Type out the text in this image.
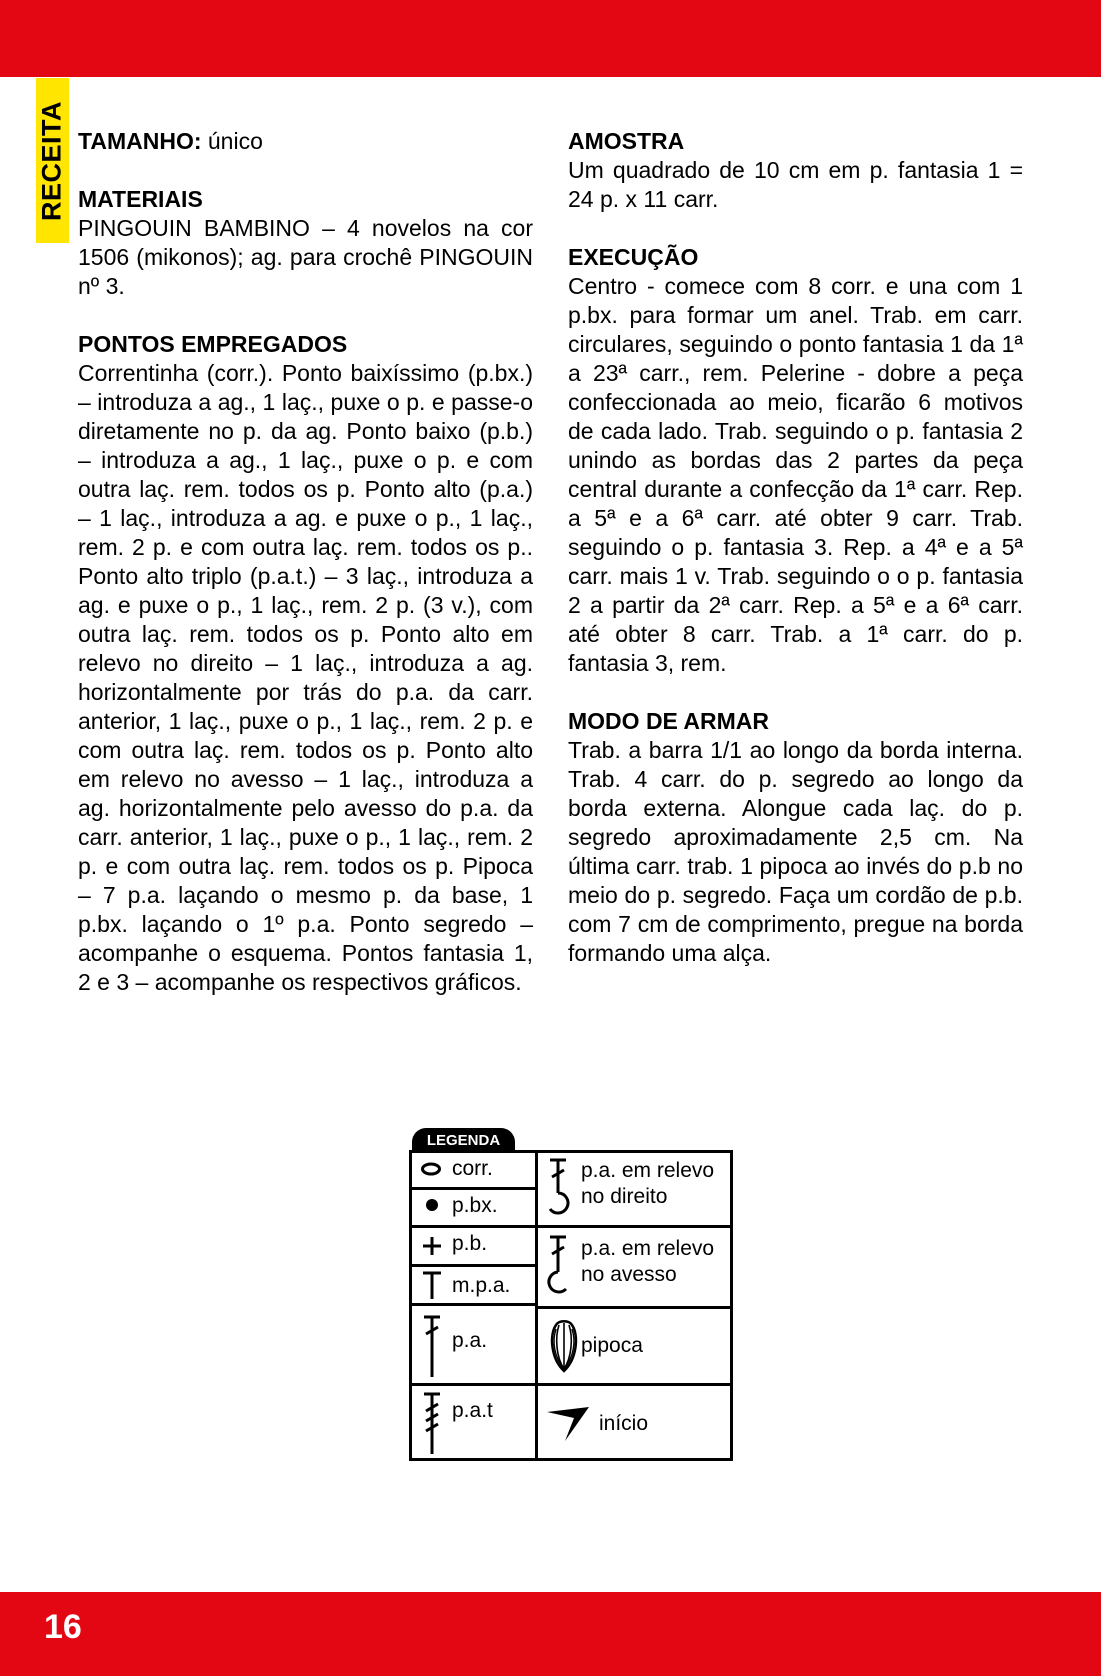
RECEITA TAMANHO: único
MATERIAIS

PINGOUIN BAMBINO – 4 novelos na cor 1506 (mikonos); ag. para crochê PINGOUIN nº 3.

PONTOS EMPREGADOS

Correntinha (corr.). Ponto baixíssimo (p.bx.) – introduza a ag., 1 laç., puxe o p. e passe-o diretamente no p. da ag. Ponto baixo (p.b.) – introduza a ag., 1 laç., puxe o p. e com outra laç. rem. todos os p. Ponto alto (p.a.) – 1 laç., introduza a ag. e puxe o p., 1 laç., rem. 2 p. e com outra laç. rem. todos os p.. Ponto alto triplo (p.a.t.) – 3 laç., introduza a ag. e puxe o p., 1 laç., rem. 2 p. (3 v.), com outra laç. rem. todos os p. Ponto alto em relevo no direito – 1 laç., introduza a ag. horizontalmente por trás do p.a. da carr. anterior, 1 laç., puxe o p., 1 laç., rem. 2 p. e com outra laç. rem. todos os p. Ponto alto em relevo no avesso – 1 laç., introduza a ag. horizontalmente pelo avesso do p.a. da carr. anterior, 1 laç., puxe o p., 1 laç., rem. 2 p. e com outra laç. rem. todos os p. Pipoca – 7 p.a. laçando o mesmo p. da base, 1 p.bx. laçando o 1º p.a. Ponto segredo – acompanhe o esquema. Pontos fantasia 1, 2 e 3 – acompanhe os respectivos gráficos.

AMOSTRA

Um quadrado de 10 cm em p. fantasia 1 = 24 p. x 11 carr.

EXECUÇÃO

Centro - comece com 8 corr. e una com 1 p.bx. para formar um anel. Trab. em carr. circulares, seguindo o ponto fantasia 1 da 1ª a 23ª carr., rem. Pelerine - dobre a peça confeccionada ao meio, ficarão 6 motivos de cada lado. Trab. seguindo o p. fantasia 2 unindo as bordas das 2 partes da peça central durante a confecção da 1ª carr. Rep. a 5ª e a 6ª carr. até obter 9 carr. Trab. seguindo o p. fantasia 3. Rep. a 4ª e a 5ª carr. mais 1 v. Trab. seguindo o o p. fantasia 2 a partir da 2ª carr. Rep. a 5ª e a 6ª carr. até obter 8 carr. Trab. a 1ª carr. do p. fantasia 3, rem.

MODO DE ARMAR

Trab. a barra 1/1 ao longo da borda interna. Trab. 4 carr. do p. segredo ao longo da borda externa. Alongue cada laç. do p. segredo aproximadamente 2,5 cm. Na última carr. trab. 1 pipoca ao invés do p.b no meio do p. segredo. Faça um cordão de p.b. com 7 cm de comprimento, pregue na borda formando uma alça.

LEGENDA
corr.
p.bx.
p.b.
m.p.a.
p.a.
p.a.t
p.a. em relevo
no direito
p.a. em relevo
no avesso
pipoca
início
16
